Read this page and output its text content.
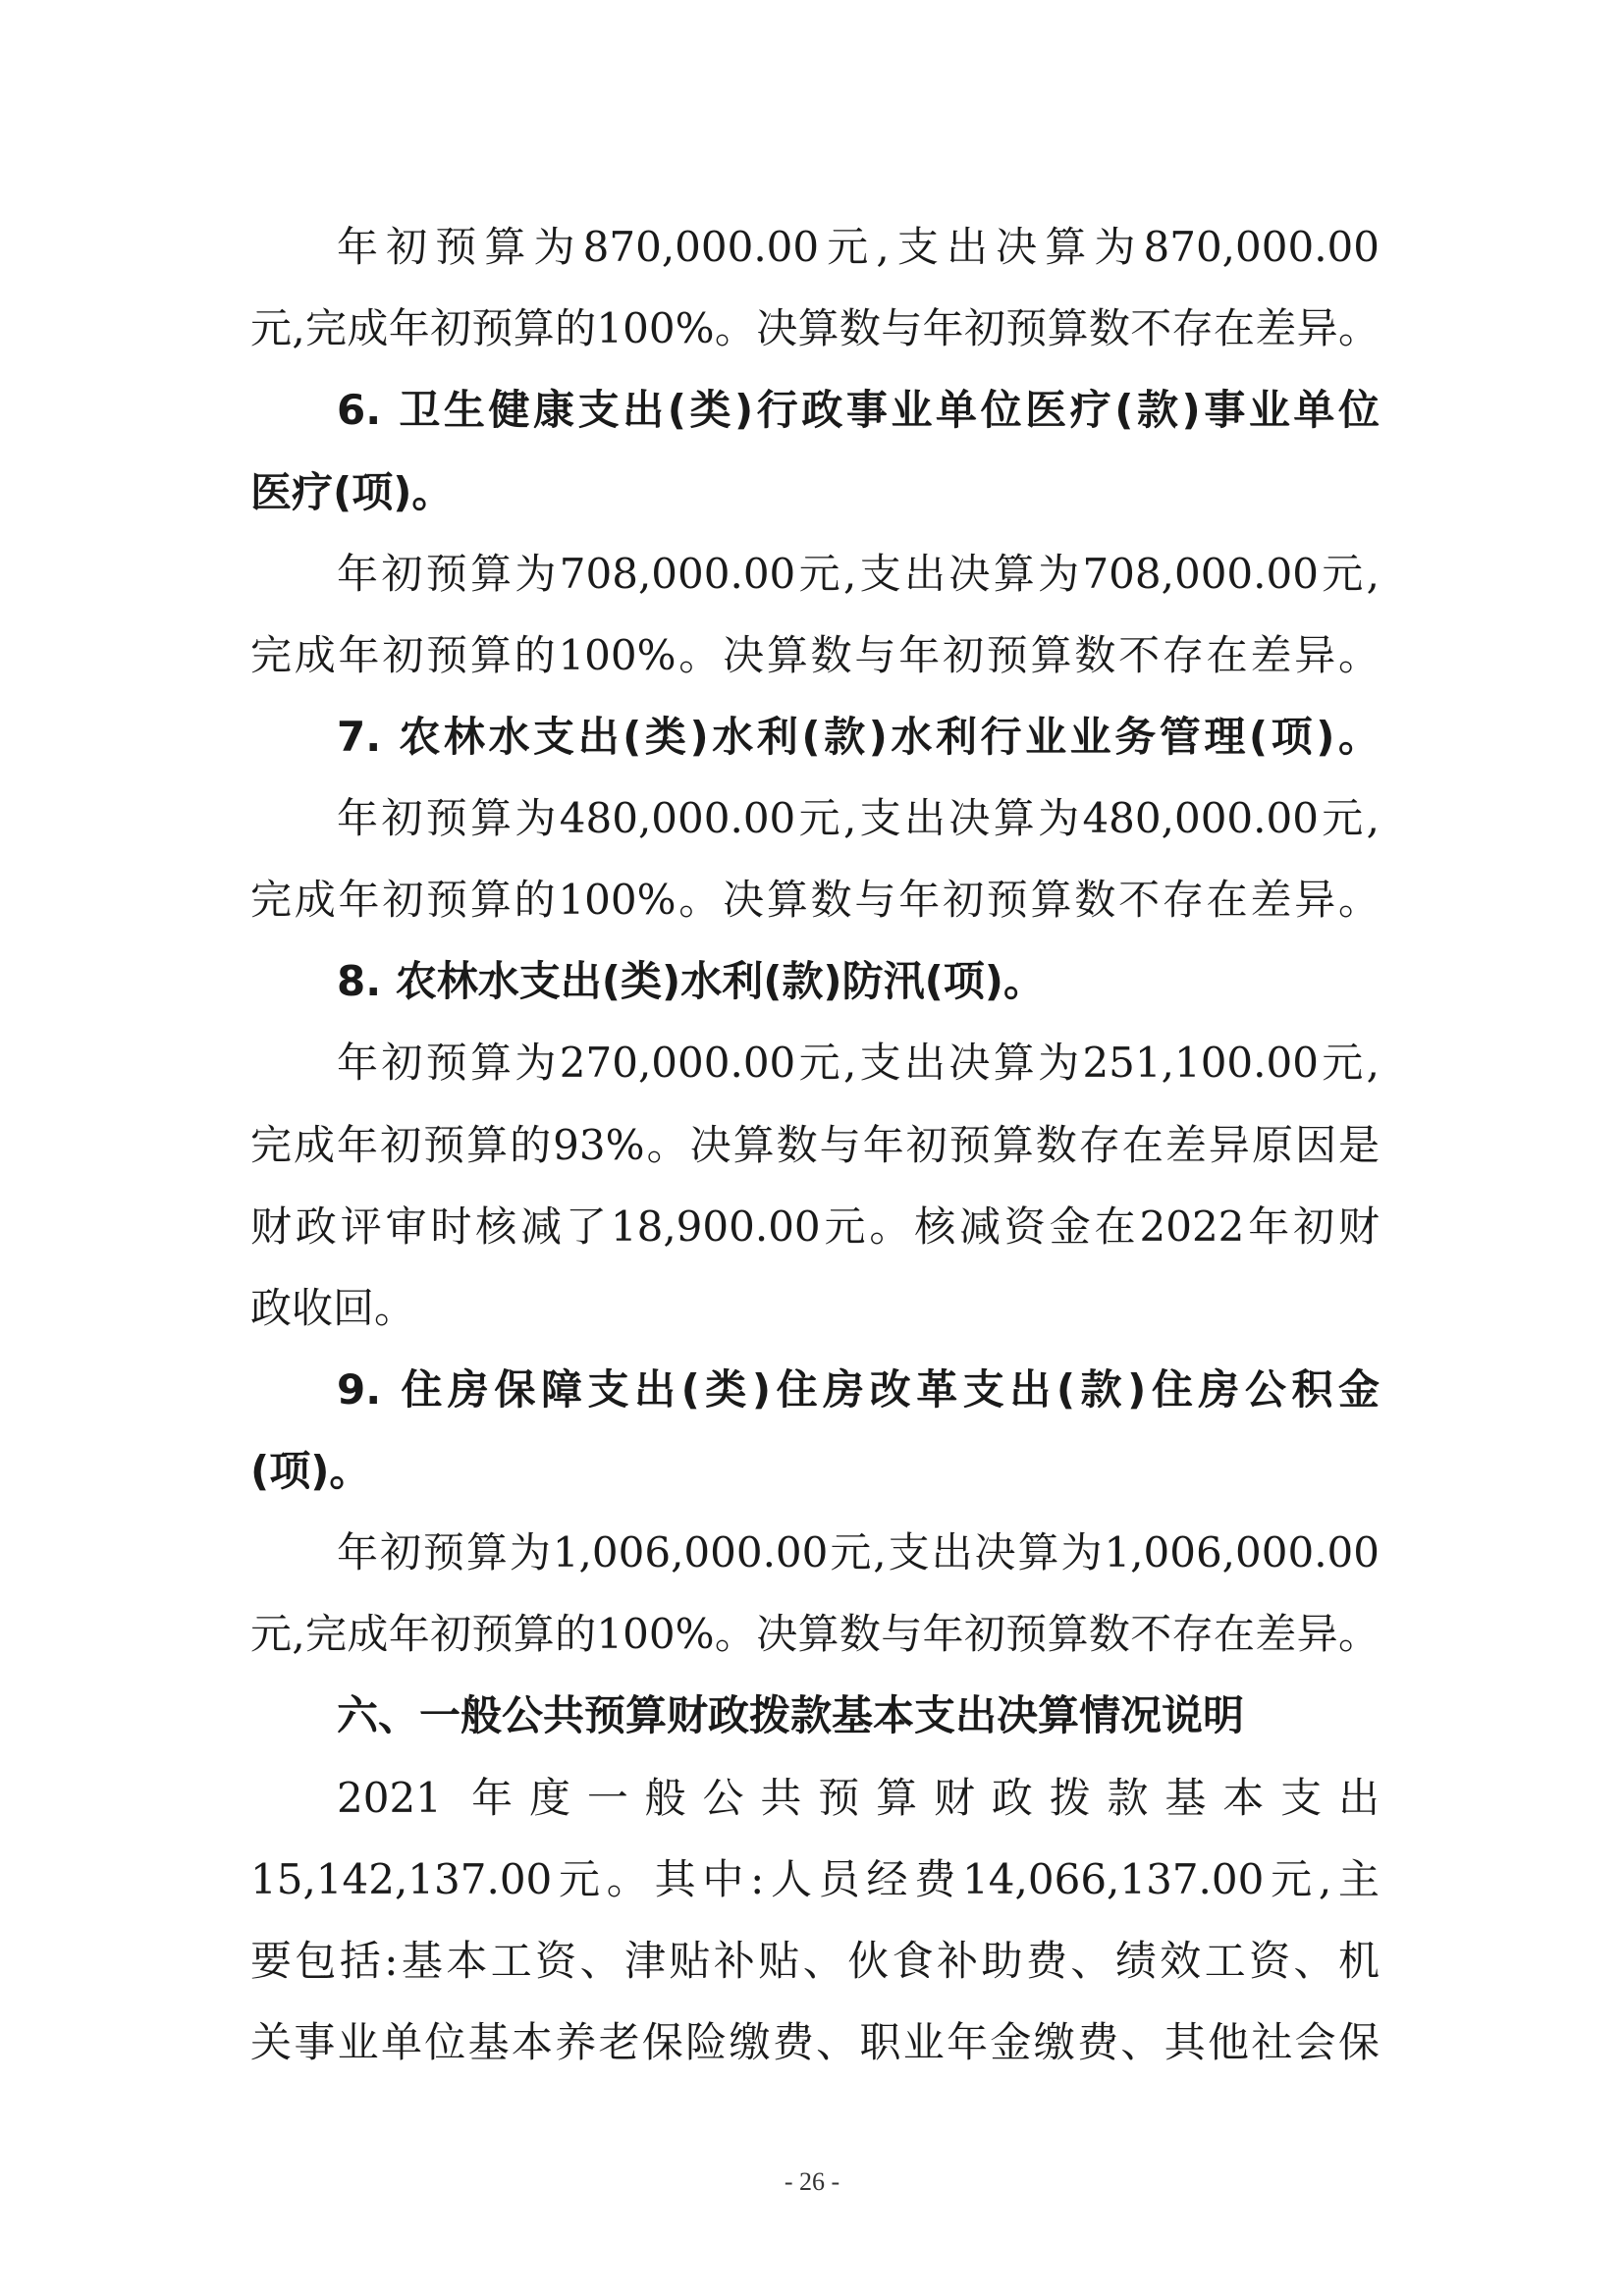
年初预算为870,000.00元,支出决算为870,000.00
元,完成年初预算的100%。决算数与年初预算数不存在差异。
6. 卫生健康支出(类)行政事业单位医疗(款)事业单位
医疗(项)。
年初预算为708,000.00元,支出决算为708,000.00元,
完成年初预算的100%。决算数与年初预算数不存在差异。
7. 农林水支出(类)水利(款)水利行业业务管理(项)。
年初预算为480,000.00元,支出决算为480,000.00元,
完成年初预算的100%。决算数与年初预算数不存在差异。
8. 农林水支出(类)水利(款)防汛(项)。
年初预算为270,000.00元,支出决算为251,100.00元,
完成年初预算的93%。决算数与年初预算数存在差异原因是
财政评审时核减了18,900.00元。核减资金在2022年初财
政收回。
9. 住房保障支出(类)住房改革支出(款)住房公积金
(项)。
年初预算为1,006,000.00元,支出决算为1,006,000.00
元,完成年初预算的100%。决算数与年初预算数不存在差异。
六、一般公共预算财政拨款基本支出决算情况说明
2021 年度一般公共预算财政拨款基本支出
15,142,137.00元。其中:人员经费14,066,137.00元,主
要包括:基本工资、津贴补贴、伙食补助费、绩效工资、机
关事业单位基本养老保险缴费、职业年金缴费、其他社会保
- 26 -
